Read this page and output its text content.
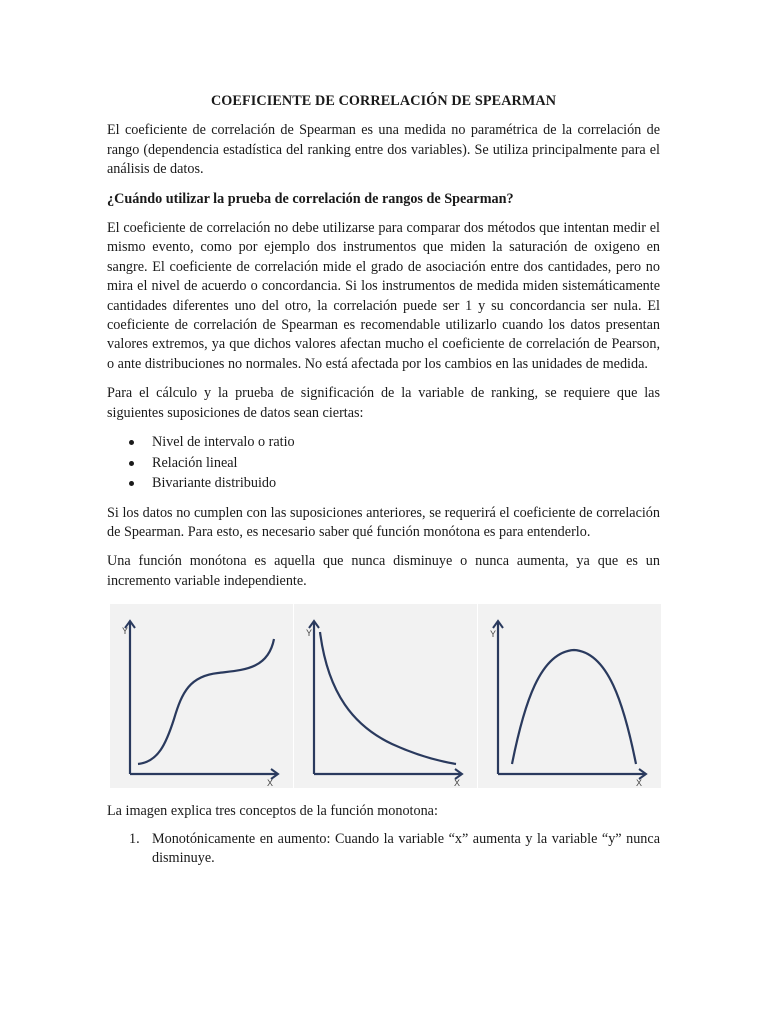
COEFICIENTE DE CORRELACIÓN DE SPEARMAN

El coeficiente de correlación de Spearman es una medida no paramétrica de la correlación de rango (dependencia estadística del ranking entre dos variables). Se utiliza principalmente para el análisis de datos.

¿Cuándo utilizar la prueba de correlación de rangos de Spearman?

El coeficiente de correlación no debe utilizarse para comparar dos métodos que intentan medir el mismo evento, como por ejemplo dos instrumentos que miden la saturación de oxigeno en sangre. El coeficiente de correlación mide el grado de asociación entre dos cantidades, pero no mira el nivel de acuerdo o concordancia. Si los instrumentos de medida miden sistemáticamente cantidades diferentes uno del otro, la correlación puede ser 1 y su concordancia ser nula. El coeficiente de correlación de Spearman es recomendable utilizarlo cuando los datos presentan valores extremos, ya que dichos valores afectan mucho el coeficiente de correlación de Pearson, o ante distribuciones no normales. No está afectada por los cambios en las unidades de medida.

Para el cálculo y la prueba de significación de la variable de ranking, se requiere que las siguientes suposiciones de datos sean ciertas:

Nivel de intervalo o ratio
Relación lineal
Bivariante distribuido

Si los datos no cumplen con las suposiciones anteriores, se requerirá el coeficiente de correlación de Spearman. Para esto, es necesario saber qué función monótona es para entenderlo.

Una función monótona es aquella que nunca disminuye o nunca aumenta, ya que es un incremento variable independiente.

Y
X
Y
X
Y
X

La imagen explica tres conceptos de la función monotona:

1. Monotónicamente en aumento: Cuando la variable “x” aumenta y la variable “y” nunca disminuye.
